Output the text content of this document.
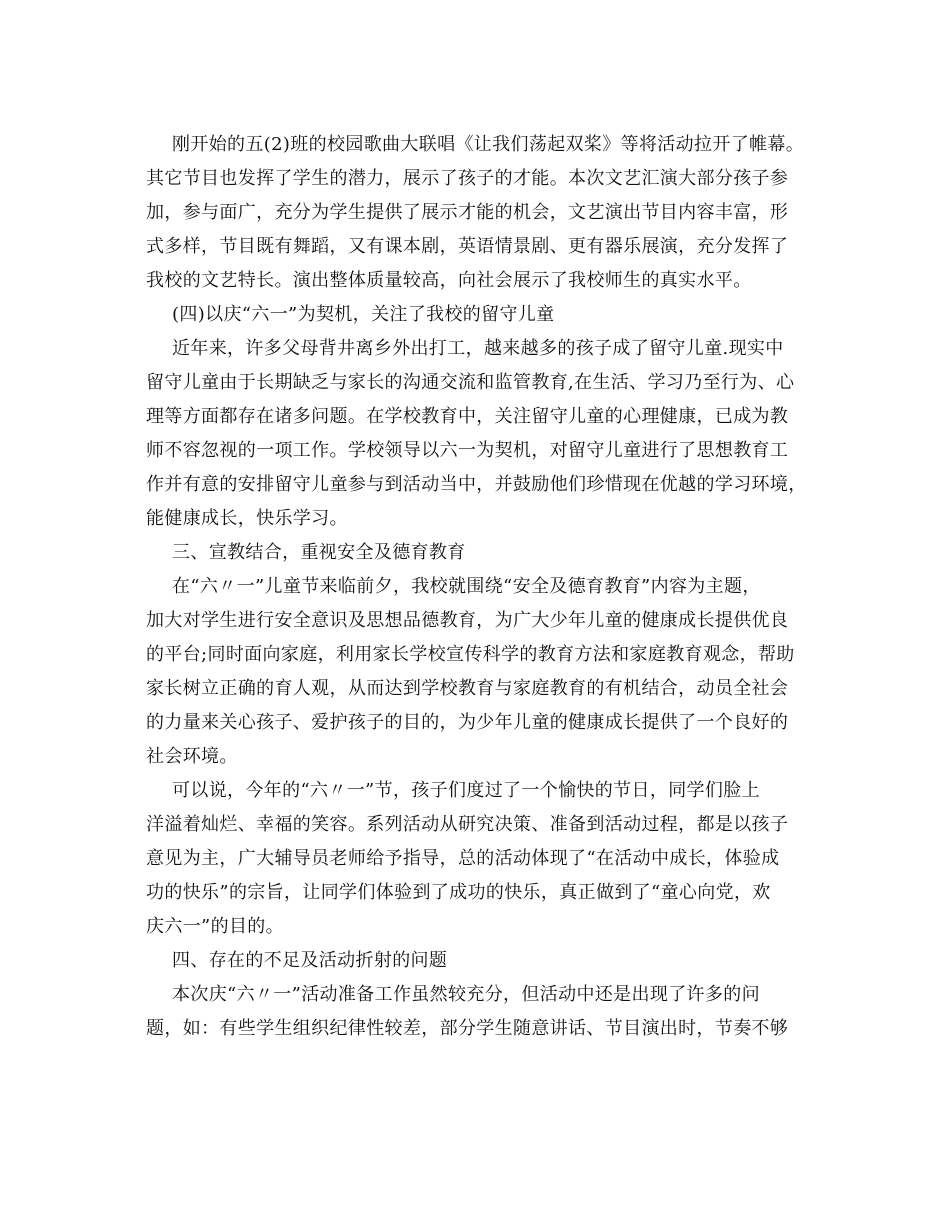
刚开始的五(2)班的校园歌曲大联唱《让我们荡起双桨》等将活动拉开了帷幕。
其它节目也发挥了学生的潜力，展示了孩子的才能。本次文艺汇演大部分孩子参
加，参与面广，充分为学生提供了展示才能的机会，文艺演出节目内容丰富，形
式多样，节目既有舞蹈，又有课本剧，英语情景剧、更有器乐展演，充分发挥了
我校的文艺特长。演出整体质量较高，向社会展示了我校师生的真实水平。
(四)以庆“六一”为契机，关注了我校的留守儿童
近年来，许多父母背井离乡外出打工，越来越多的孩子成了留守儿童.现实中
留守儿童由于长期缺乏与家长的沟通交流和监管教育,在生活、学习乃至行为、心
理等方面都存在诸多问题。在学校教育中，关注留守儿童的心理健康，已成为教
师不容忽视的一项工作。学校领导以六一为契机，对留守儿童进行了思想教育工
作并有意的安排留守儿童参与到活动当中，并鼓励他们珍惜现在优越的学习环境，
能健康成长，快乐学习。
三、宣教结合，重视安全及德育教育
在“六〃一”儿童节来临前夕，我校就围绕“安全及德育教育”内容为主题，
加大对学生进行安全意识及思想品德教育，为广大少年儿童的健康成长提供优良
的平台;同时面向家庭，利用家长学校宣传科学的教育方法和家庭教育观念，帮助
家长树立正确的育人观，从而达到学校教育与家庭教育的有机结合，动员全社会
的力量来关心孩子、爱护孩子的目的，为少年儿童的健康成长提供了一个良好的
社会环境。
可以说，今年的“六〃一”节，孩子们度过了一个愉快的节日，同学们脸上
洋溢着灿烂、幸福的笑容。系列活动从研究决策、准备到活动过程，都是以孩子
意见为主，广大辅导员老师给予指导，总的活动体现了“在活动中成长，体验成
功的快乐”的宗旨，让同学们体验到了成功的快乐，真正做到了“童心向党，欢
庆六一”的目的。
四、存在的不足及活动折射的问题
本次庆“六〃一”活动准备工作虽然较充分，但活动中还是出现了许多的问
题，如：有些学生组织纪律性较差，部分学生随意讲话、节目演出时，节奏不够
